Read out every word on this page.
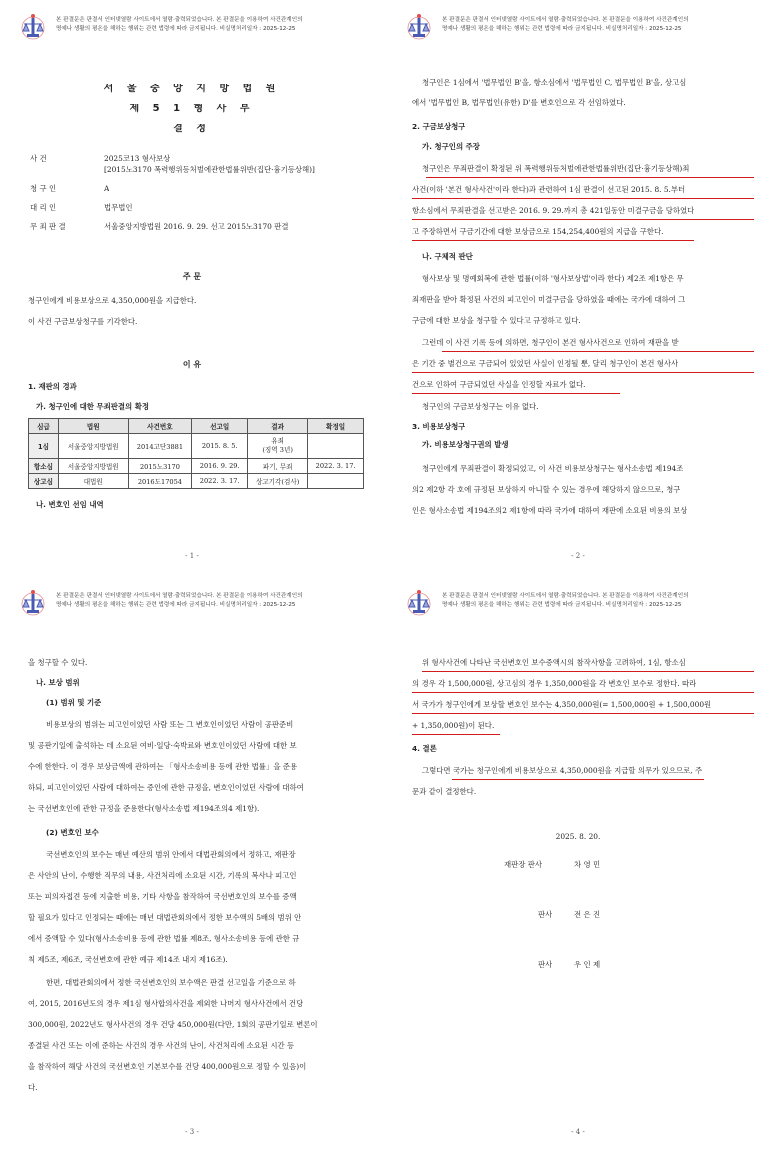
본 판결문은 판결서 인터넷열람 사이트에서 열람·출력되었습니다. 본 판결문을 이용하여 사건관계인의
명예나 생활의 평온을 해하는 행위는 관련 법령에 따라 금지됩니다. 비실명처리일자 : 2025-12-25
서 울 중 앙 지 방 법 원
제 5 1 형 사 부
결 정
사 건	2025코13 형사보상
[2015노3170 폭력행위등처벌에관한법률위반(집단·흉기등상해)]
청 구 인	A
대 리 인	법무법인
무 죄 판 결	서울중앙지방법원 2016. 9. 29. 선고 2015노3170 판결
주 문
청구인에게 비용보상으로 4,350,000원을 지급한다.
이 사건 구금보상청구를 기각한다.
이 유
1. 재판의 경과
가. 청구인에 대한 무죄판결의 확정
심급	법원	사건번호	선고일	결과	확정일
1심	서울중앙지방법원	2014고단3881	2015. 8. 5.	유죄
(징역 3년)	

항소심	서울중앙지방법원	2015노3170	2016. 9. 29.	파기, 무죄	2022. 3. 17.
상고심	대법원	2016도17054	2022. 3. 17.	상고기각(검사)	
나. 변호인 선임 내역
- 1 -
본 판결문은 판결서 인터넷열람 사이트에서 열람·출력되었습니다. 본 판결문을 이용하여 사건관계인의
명예나 생활의 평온을 해하는 행위는 관련 법령에 따라 금지됩니다. 비실명처리일자 : 2025-12-25
청구인은 1심에서 '법무법인 B'을, 항소심에서 '법무법인 C, 법무법인 B'을, 상고심
에서 '법무법인 B, 법무법인(유한) D'를 변호인으로 각 선임하였다.
2. 구금보상청구
가. 청구인의 주장
청구인은 무죄판결이 확정된 위 폭력행위등처벌에관한법률위반(집단·흉기등상해)죄
사건(이하 '본건 형사사건'이라 한다)과 관련하여 1심 판결이 선고된 2015. 8. 5.부터
항소심에서 무죄판결을 선고받은 2016. 9. 29.까지 총 421일동안 미결구금을 당하였다
고 주장하면서 구금기간에 대한 보상금으로 154,254,400원의 지급을 구한다.
나. 구체적 판단
형사보상 및 명예회복에 관한 법률(이하 '형사보상법'이라 한다) 제2조 제1항은 무
죄재판을 받아 확정된 사건의 피고인이 미결구금을 당하였을 때에는 국가에 대하여 그
구금에 대한 보상을 청구할 수 있다고 규정하고 있다.
그런데 이 사건 기록 등에 의하면, 청구인이 본건 형사사건으로 인하여 재판을 받
은 기간 중 별건으로 구금되어 있었던 사실이 인정될 뿐, 달리 청구인이 본건 형사사
건으로 인하여 구금되었던 사실을 인정할 자료가 없다.
청구인의 구금보상청구는 이유 없다.
3. 비용보상청구
가. 비용보상청구권의 발생
청구인에게 무죄판결이 확정되었고, 이 사건 비용보상청구는 형사소송법 제194조
의2 제2항 각 호에 규정된 보상하지 아니할 수 있는 경우에 해당하지 않으므로, 청구
인은 형사소송법 제194조의2 제1항에 따라 국가에 대하여 재판에 소요된 비용의 보상
- 2 -
본 판결문은 판결서 인터넷열람 사이트에서 열람·출력되었습니다. 본 판결문을 이용하여 사건관계인의
명예나 생활의 평온을 해하는 행위는 관련 법령에 따라 금지됩니다. 비실명처리일자 : 2025-12-25
을 청구할 수 있다.
나. 보상 범위
(1) 범위 및 기준
비용보상의 범위는 피고인이었던 사람 또는 그 변호인이었던 사람이 공판준비
및 공판기일에 출석하는 데 소요된 여비·일당·숙박료와 변호인이었던 사람에 대한 보
수에 한한다. 이 경우 보상금액에 관하여는 「형사소송비용 등에 관한 법률」을 준용
하되, 피고인이었던 사람에 대하여는 증인에 관한 규정을, 변호인이었던 사람에 대하여
는 국선변호인에 관한 규정을 준용한다(형사소송법 제194조의4 제1항).
(2) 변호인 보수
국선변호인의 보수는 매년 예산의 범위 안에서 대법관회의에서 정하고, 재판장
은 사안의 난이, 수행한 직무의 내용, 사건처리에 소요된 시간, 기록의 복사나 피고인
또는 피의자접견 등에 지출한 비용, 기타 사항을 참작하여 국선변호인의 보수를 증액
할 필요가 있다고 인정되는 때에는 매년 대법관회의에서 정한 보수액의 5배의 범위 안
에서 증액할 수 있다(형사소송비용 등에 관한 법률 제8조, 형사소송비용 등에 관한 규
칙 제5조, 제6조, 국선변호에 관한 예규 제14조 내지 제16조).
한편, 대법관회의에서 정한 국선변호인의 보수액은 판결 선고일을 기준으로 하
여, 2015, 2016년도의 경우 제1심 형사합의사건을 제외한 나머지 형사사건에서 건당
300,000원, 2022년도 형사사건의 경우 건당 450,000원(다만, 1회의 공판기일로 변론이
종결된 사건 또는 이에 준하는 사건의 경우 사건의 난이, 사건처리에 소요된 시간 등
을 참작하여 해당 사건의 국선변호인 기본보수를 건당 400,000원으로 정할 수 있음)이
다.
- 3 -
본 판결문은 판결서 인터넷열람 사이트에서 열람·출력되었습니다. 본 판결문을 이용하여 사건관계인의
명예나 생활의 평온을 해하는 행위는 관련 법령에 따라 금지됩니다. 비실명처리일자 : 2025-12-25
위 형사사건에 나타난 국선변호인 보수증액시의 참작사항을 고려하여, 1심, 항소심
의 경우 각 1,500,000원, 상고심의 경우 1,350,000원을 각 변호인 보수로 정한다. 따라
서 국가가 청구인에게 보상할 변호인 보수는 4,350,000원(= 1,500,000원 + 1,500,000원
+ 1,350,000원)이 된다.
4. 결론
그렇다면 국가는 청구인에게 비용보상으로 4,350,000원을 지급할 의무가 있으므로, 주
문과 같이 결정한다.
2025. 8. 20.
재판장 판사	차 영 민
판사	전 은 진
판사	우 인 제
- 4 -
